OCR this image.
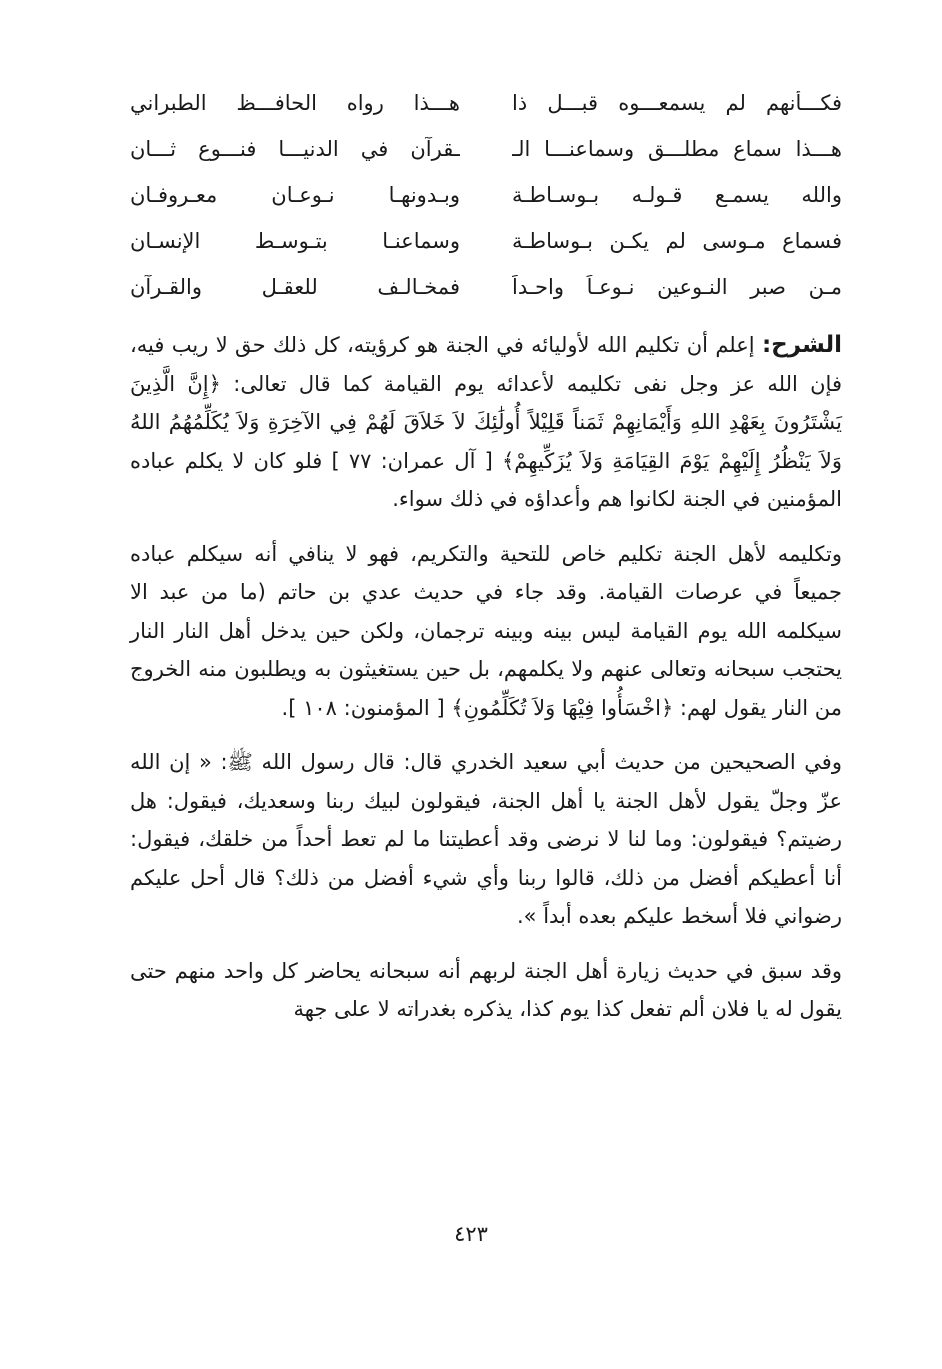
فكـــأنهم لم يسمعـــوه قبـــل ذا
هـــذا رواه الحافـــظ الطبراني
هـــذا سماع مطلـــق وسماعنـــا الـ
ـقرآن في الدنيـــا فنـــوع ثـــان
والله يسمـع قـولـه بـوسـاطـة
وبـدونهـا نـوعـان معـروفـان
فسماع مـوسى لم يكـن بـوساطـة
وسماعنـا بتـوسـط الإنسـان
مـن صبر النـوعين نـوعـاً واحـداً
فمخـالـف للعقـل والقـرآن

الشرح: إعلم أن تكليم الله لأوليائه في الجنة هو كرؤيته، كل ذلك حق لا ريب فيه، فإن الله عز وجل نفى تكليمه لأعدائه يوم القيامة كما قال تعالى: ﴿إِنَّ الَّذِينَ يَشْتَرُونَ بِعَهْدِ اللهِ وَأَيْمَانِهِمْ ثَمَناً قَلِيْلاً أُولَٰئِكَ لاَ خَلاَقَ لَهُمْ فِي الآخِرَةِ وَلاَ يُكَلِّمُهُمُ اللهُ وَلاَ يَنْظُرُ إِلَيْهِمْ يَوْمَ القِيَامَةِ وَلاَ يُزَكِّيهِمْ﴾ [ آل عمران: ٧٧ ] فلو كان لا يكلم عباده المؤمنين في الجنة لكانوا هم وأعداؤه في ذلك سواء.

وتكليمه لأهل الجنة تكليم خاص للتحية والتكريم، فهو لا ينافي أنه سيكلم عباده جميعاً في عرصات القيامة. وقد جاء في حديث عدي بن حاتم (ما من عبد الا سيكلمه الله يوم القيامة ليس بينه وبينه ترجمان، ولكن حين يدخل أهل النار النار يحتجب سبحانه وتعالى عنهم ولا يكلمهم، بل حين يستغيثون به ويطلبون منه الخروج من النار يقول لهم: ﴿اخْسَأُوا فِيْهَا وَلاَ تُكَلِّمُونِ﴾ [ المؤمنون: ١٠٨ ].

وفي الصحيحين من حديث أبي سعيد الخدري قال: قال رسول الله ﷺ: « إن الله عزّ وجلّ يقول لأهل الجنة يا أهل الجنة، فيقولون لبيك ربنا وسعديك، فيقول: هل رضيتم؟ فيقولون: وما لنا لا نرضى وقد أعطيتنا ما لم تعط أحداً من خلقك، فيقول: أنا أعطيكم أفضل من ذلك، قالوا ربنا وأي شيء أفضل من ذلك؟ قال أحل عليكم رضواني فلا أسخط عليكم بعده أبداً ».

وقد سبق في حديث زيارة أهل الجنة لربهم أنه سبحانه يحاضر كل واحد منهم حتى يقول له يا فلان ألم تفعل كذا يوم كذا، يذكره بغدراته لا على جهة

٤٢٣
